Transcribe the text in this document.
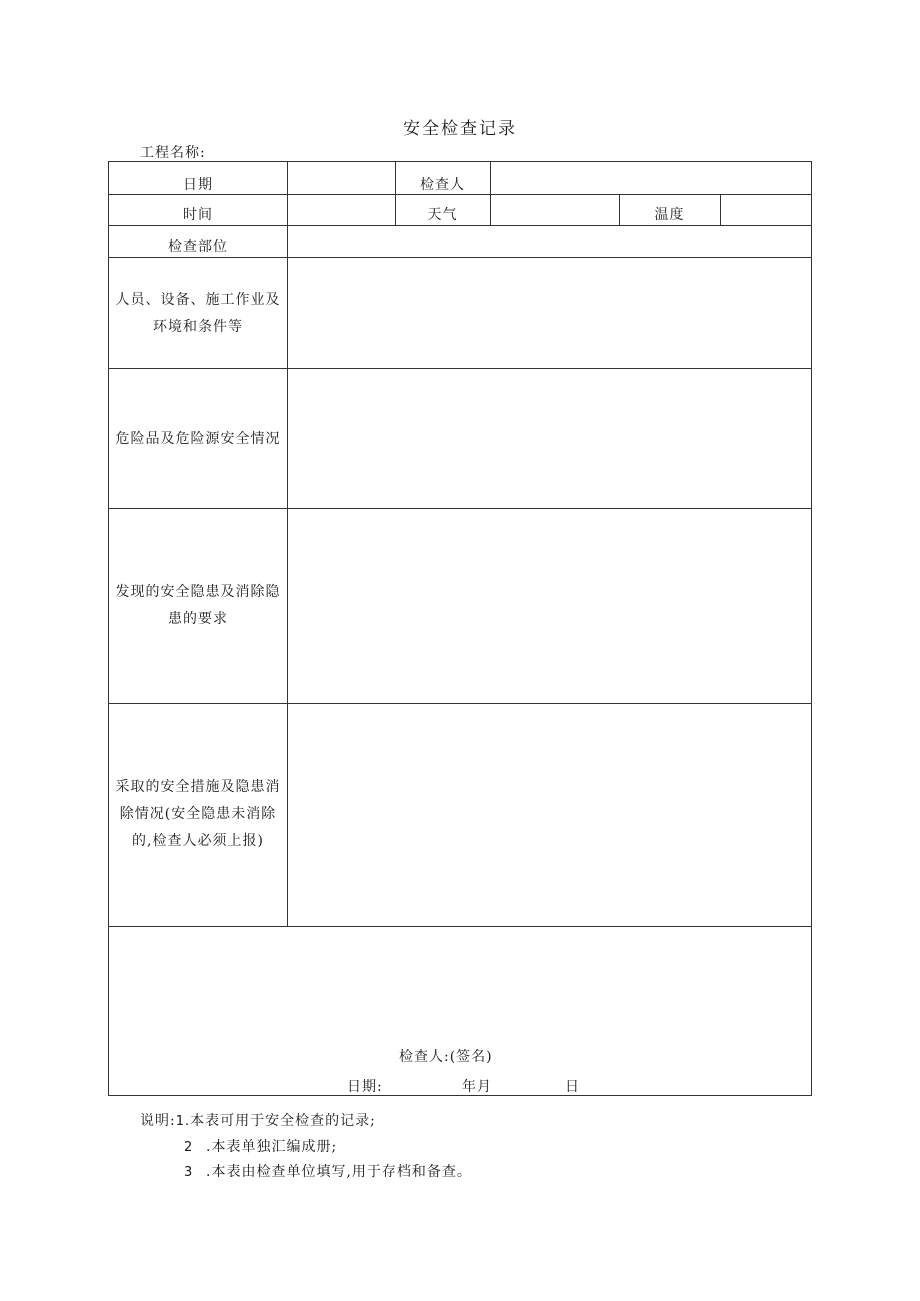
安全检查记录
工程名称:
日期	检查人
时间	天气	温度
检查部位
人员、设备、施工作业及
环境和条件等
危险品及危险源安全情况
发现的安全隐患及消除隐
患的要求
采取的安全措施及隐患消
除情况(安全隐患未消除
的,检查人必须上报)
检查人:(签名)
日期:	年月	日
说明:1.本表可用于安全检查的记录;
2 .本表单独汇编成册;
3 .本表由检查单位填写,用于存档和备查。
